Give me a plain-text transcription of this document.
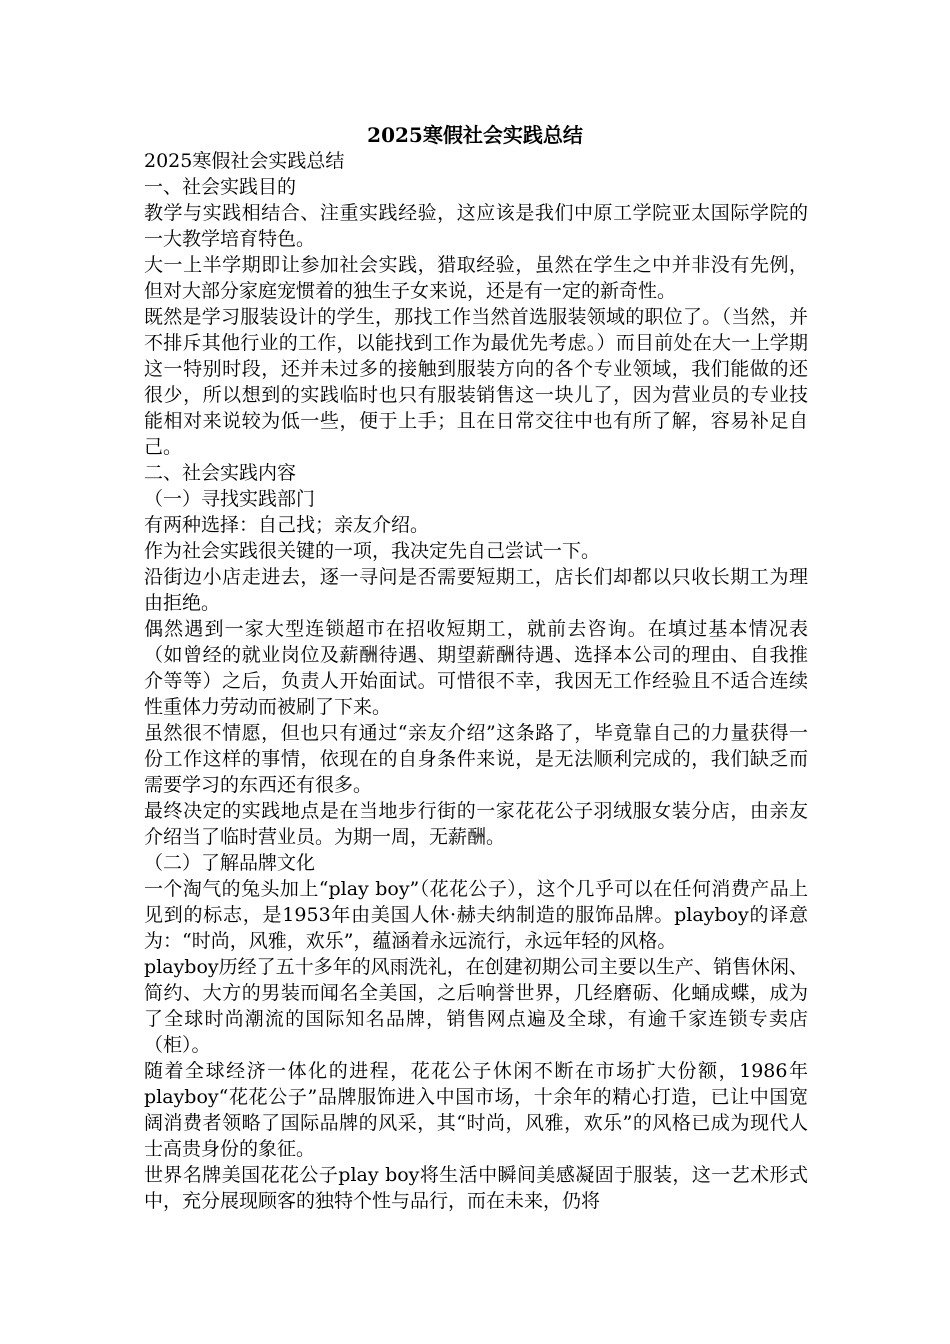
2025寒假社会实践总结

2025寒假社会实践总结

一、社会实践目的

教学与实践相结合、注重实践经验，这应该是我们中原工学院亚太国际学院的一大教学培育特色。

大一上半学期即让参加社会实践，猎取经验，虽然在学生之中并非没有先例，但对大部分家庭宠惯着的独生子女来说，还是有一定的新奇性。

既然是学习服装设计的学生，那找工作当然首选服装领域的职位了。（当然，并不排斥其他行业的工作，以能找到工作为最优先考虑。）而目前处在大一上学期这一特别时段，还并未过多的接触到服装方向的各个专业领域，我们能做的还很少，所以想到的实践临时也只有服装销售这一块儿了，因为营业员的专业技能相对来说较为低一些，便于上手；且在日常交往中也有所了解，容易补足自己。

二、社会实践内容

（一）寻找实践部门

有两种选择：自己找；亲友介绍。

作为社会实践很关键的一项，我决定先自己尝试一下。

沿街边小店走进去，逐一寻问是否需要短期工，店长们却都以只收长期工为理由拒绝。

偶然遇到一家大型连锁超市在招收短期工，就前去咨询。在填过基本情况表（如曾经的就业岗位及薪酬待遇、期望薪酬待遇、选择本公司的理由、自我推介等等）之后，负责人开始面试。可惜很不幸，我因无工作经验且不适合连续性重体力劳动而被刷了下来。

虽然很不情愿，但也只有通过“亲友介绍”这条路了，毕竟靠自己的力量获得一份工作这样的事情，依现在的自身条件来说，是无法顺利完成的，我们缺乏而需要学习的东西还有很多。

最终决定的实践地点是在当地步行街的一家花花公子羽绒服女装分店，由亲友介绍当了临时营业员。为期一周，无薪酬。

（二）了解品牌文化

一个淘气的兔头加上“play boy”（花花公子），这个几乎可以在任何消费产品上见到的标志，是1953年由美国人休·赫夫纳制造的服饰品牌。playboy的译意为：“时尚，风雅，欢乐”，蕴涵着永远流行，永远年轻的风格。

playboy历经了五十多年的风雨洗礼，在创建初期公司主要以生产、销售休闲、简约、大方的男装而闻名全美国，之后响誉世界，几经磨砺、化蛹成蝶，成为了全球时尚潮流的国际知名品牌，销售网点遍及全球，有逾千家连锁专卖店（柜）。

随着全球经济一体化的进程，花花公子休闲不断在市场扩大份额，1986年playboy“花花公子”品牌服饰进入中国市场，十余年的精心打造，已让中国宽阔消费者领略了国际品牌的风采，其“时尚，风雅，欢乐”的风格已成为现代人士高贵身份的象征。

世界名牌美国花花公子play boy将生活中瞬间美感凝固于服装，这一艺术形式中，充分展现顾客的独特个性与品行，而在未来，仍将
